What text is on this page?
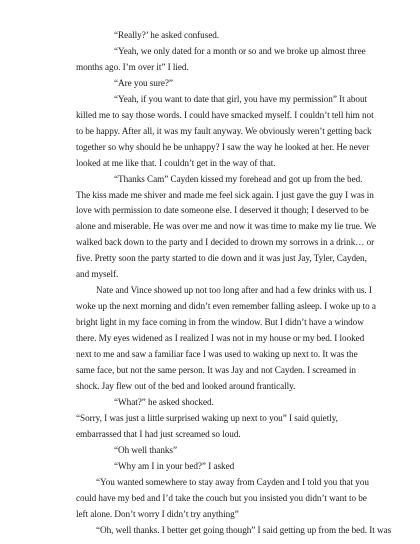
“Really?’ he asked confused.

“Yeah, we only dated for a month or so and we broke up almost three months ago. I’m over it” I lied.

“Are you sure?”

“Yeah, if you want to date that girl, you have my permission” It about killed me to say those words. I could have smacked myself. I couldn’t tell him not to be happy. After all, it was my fault anyway. We obviously weren’t getting back together so why should he be unhappy? I saw the way he looked at her. He never looked at me like that. I couldn’t get in the way of that.

“Thanks Cam” Cayden kissed my forehead and got up from the bed. The kiss made me shiver and made me feel sick again. I just gave the guy I was in love with permission to date someone else. I deserved it though; I deserved to be alone and miserable. He was over me and now it was time to make my lie true. We walked back down to the party and I decided to drown my sorrows in a drink… or five. Pretty soon the party started to die down and it was just Jay, Tyler, Cayden, and myself.

Nate and Vince showed up not too long after and had a few drinks with us. I woke up the next morning and didn’t even remember falling asleep. I woke up to a bright light in my face coming in from the window. But I didn’t have a window there. My eyes widened as I realized I was not in my house or my bed. I looked next to me and saw a familiar face I was used to waking up next to. It was the same face, but not the same person. It was Jay and not Cayden. I screamed in shock. Jay flew out of the bed and looked around frantically.

“What?” he asked shocked.

“Sorry, I was just a little surprised waking up next to you” I said quietly, embarrassed that I had just screamed so loud.

“Oh well thanks”

“Why am I in your bed?” I asked

“You wanted somewhere to stay away from Cayden and I told you that you could have my bed and I’d take the couch but you insisted you didn’t want to be left alone. Don’t worry I didn’t try anything”

“Oh, well thanks. I better get going though” I said getting up from the bed. It was
